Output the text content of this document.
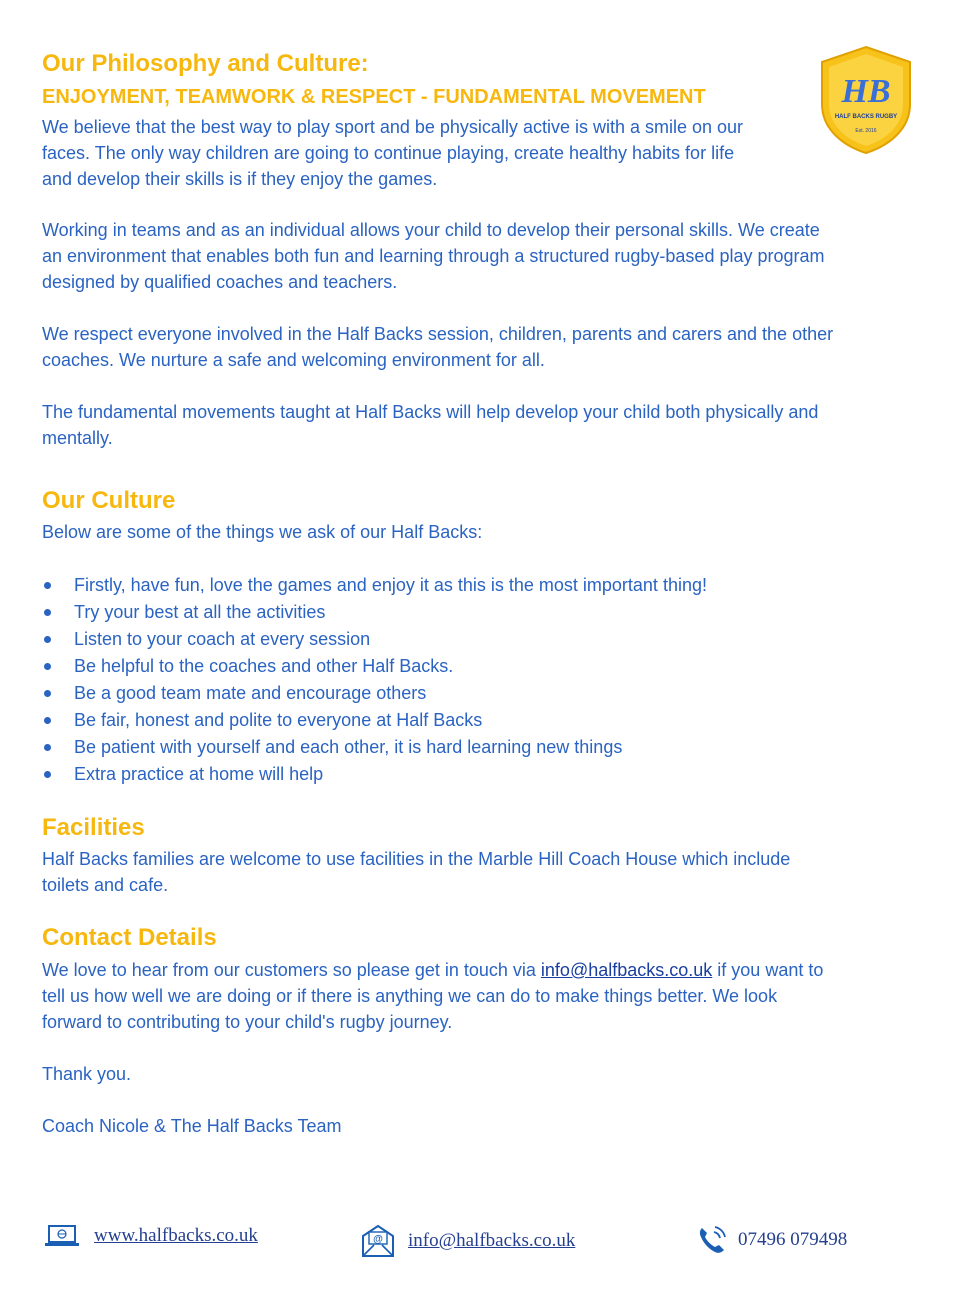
Our Philosophy and Culture:
ENJOYMENT, TEAMWORK & RESPECT - FUNDAMENTAL MOVEMENT	HB
HALF BACKS RUGBY
Est. 2016
We believe that the best way to play sport and be physically active is with a smile on our
faces. The only way children are going to continue playing, create healthy habits for life
and develop their skills is if they enjoy the games.
Working in teams and as an individual allows your child to develop their personal skills. We create
an environment that enables both fun and learning through a structured rugby-based play program
designed by qualified coaches and teachers.
We respect everyone involved in the Half Backs session, children, parents and carers and the other
coaches. We nurture a safe and welcoming environment for all.
The fundamental movements taught at Half Backs will help develop your child both physically and
mentally.
Our Culture
Below are some of the things we ask of our Half Backs:
Firstly, have fun, love the games and enjoy it as this is the most important thing!
Try your best at all the activities
Listen to your coach at every session
Be helpful to the coaches and other Half Backs.
Be a good team mate and encourage others
Be fair, honest and polite to everyone at Half Backs
Be patient with yourself and each other, it is hard learning new things
Extra practice at home will help
Facilities
Half Backs families are welcome to use facilities in the Marble Hill Coach House which include
toilets and cafe.
Contact Details
We love to hear from our customers so please get in touch via info@halfbacks.co.uk if you want to
tell us how well we are doing or if there is anything we can do to make things better. We look
forward to contributing to your child's rugby journey.
Thank you.
Coach Nicole & The Half Backs Team
www.halfbacks.co.uk	@ info@halfbacks.co.uk	07496 079498
